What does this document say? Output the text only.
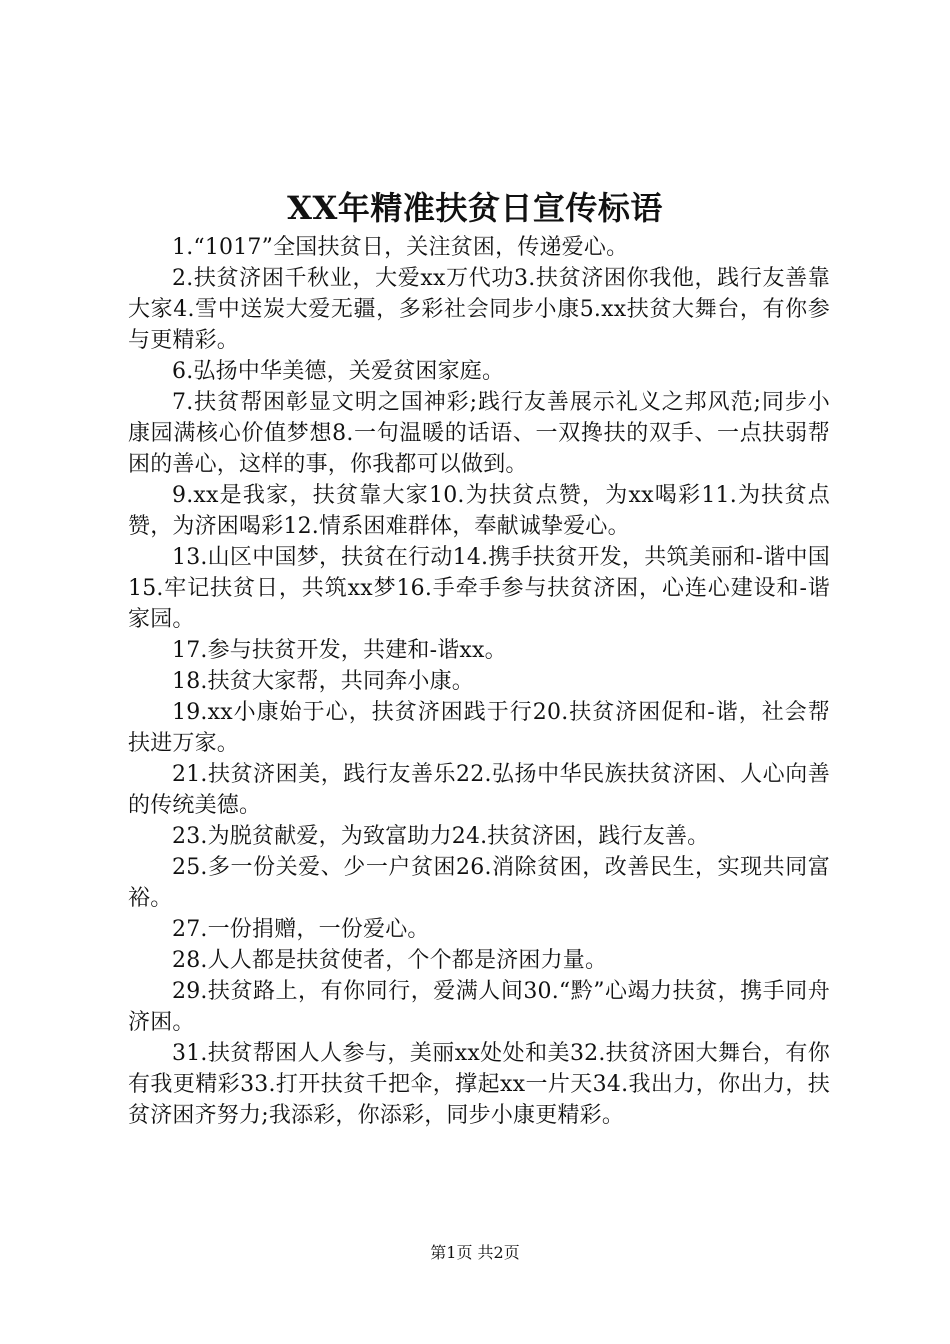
XX年精准扶贫日宣传标语

1.“1017”全国扶贫日，关注贫困，传递爱心。

2.扶贫济困千秋业，大爱xx万代功3.扶贫济困你我他，践行友善靠大家4.雪中送炭大爱无疆，多彩社会同步小康5.xx扶贫大舞台，有你参与更精彩。

6.弘扬中华美德，关爱贫困家庭。

7.扶贫帮困彰显文明之国神彩;践行友善展示礼义之邦风范;同步小康园满核心价值梦想8.一句温暖的话语、一双搀扶的双手、一点扶弱帮困的善心，这样的事，你我都可以做到。

9.xx是我家，扶贫靠大家10.为扶贫点赞，为xx喝彩11.为扶贫点赞，为济困喝彩12.情系困难群体，奉献诚挚爱心。

13.山区中国梦，扶贫在行动14.携手扶贫开发，共筑美丽和-谐中国15.牢记扶贫日，共筑xx梦16.手牵手参与扶贫济困，心连心建设和-谐家园。

17.参与扶贫开发，共建和-谐xx。

18.扶贫大家帮，共同奔小康。

19.xx小康始于心，扶贫济困践于行20.扶贫济困促和-谐，社会帮扶进万家。

21.扶贫济困美，践行友善乐22.弘扬中华民族扶贫济困、人心向善的传统美德。

23.为脱贫献爱，为致富助力24.扶贫济困，践行友善。

25.多一份关爱、少一户贫困26.消除贫困，改善民生，实现共同富裕。

27.一份捐赠，一份爱心。

28.人人都是扶贫使者，个个都是济困力量。

29.扶贫路上，有你同行，爱满人间30.“黔”心竭力扶贫，携手同舟济困。

31.扶贫帮困人人参与，美丽xx处处和美32.扶贫济困大舞台，有你有我更精彩33.打开扶贫千把伞，撑起xx一片天34.我出力，你出力，扶贫济困齐努力;我添彩，你添彩，同步小康更精彩。

第1页 共2页
